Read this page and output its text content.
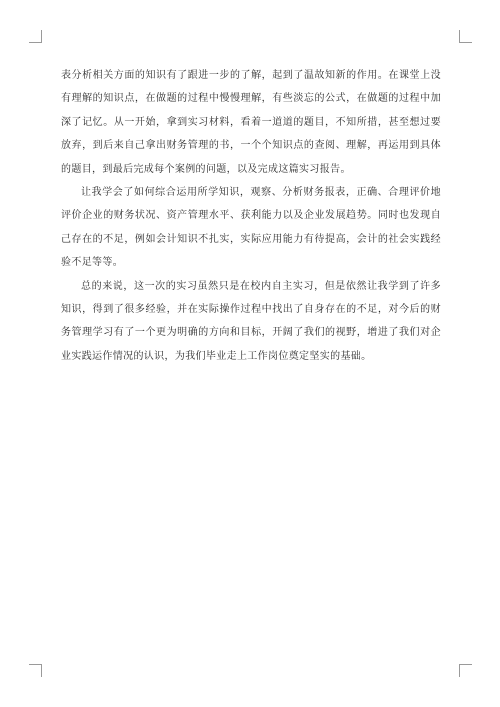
表分析相关方面的知识有了跟进一步的了解，起到了温故知新的作用。在课堂上没有理解的知识点，在做题的过程中慢慢理解，有些淡忘的公式，在做题的过程中加深了记忆。从一开始，拿到实习材料，看着一道道的题目，不知所措，甚至想过要放弃，到后来自己拿出财务管理的书，一个个知识点的查阅、理解，再运用到具体的题目，到最后完成每个案例的问题，以及完成这篇实习报告。

让我学会了如何综合运用所学知识，观察、分析财务报表，正确、合理评价地评价企业的财务状况、资产管理水平、获利能力以及企业发展趋势。同时也发现自己存在的不足，例如会计知识不扎实，实际应用能力有待提高，会计的社会实践经验不足等等。

总的来说，这一次的实习虽然只是在校内自主实习，但是依然让我学到了许多知识，得到了很多经验，并在实际操作过程中找出了自身存在的不足，对今后的财务管理学习有了一个更为明确的方向和目标，开阔了我们的视野，增进了我们对企业实践运作情况的认识，为我们毕业走上工作岗位奠定坚实的基础。
